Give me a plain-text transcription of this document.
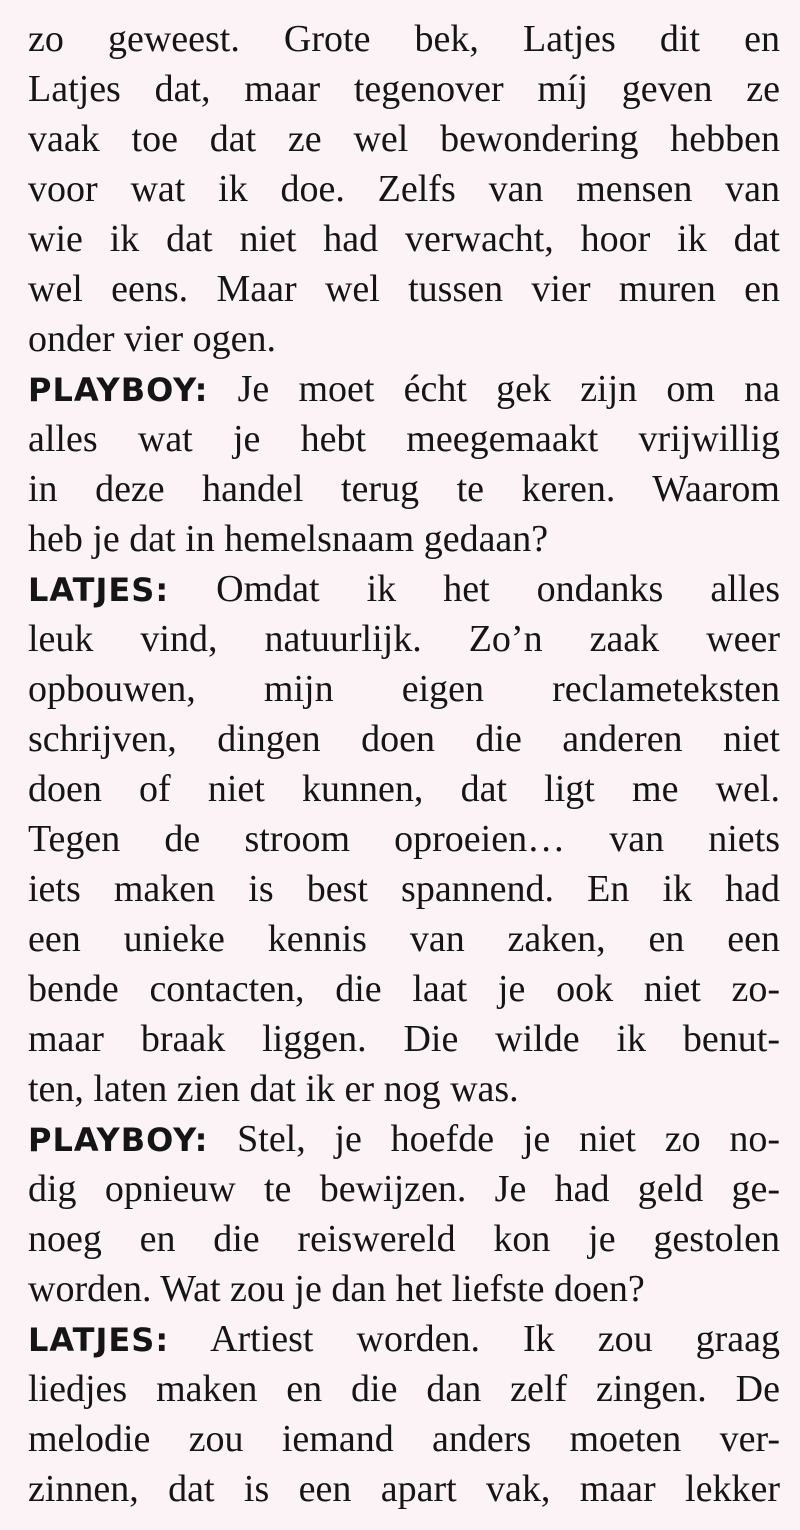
zo geweest. Grote bek, Latjes dit en
Latjes dat, maar tegenover míj geven ze
vaak toe dat ze wel bewondering hebben
voor wat ik doe. Zelfs van mensen van
wie ik dat niet had verwacht, hoor ik dat
wel eens. Maar wel tussen vier muren en
onder vier ogen.
PLAYBOY: Je moet écht gek zijn om na
alles wat je hebt meegemaakt vrijwillig
in deze handel terug te keren. Waarom
heb je dat in hemelsnaam gedaan?
LATJES: Omdat ik het ondanks alles
leuk vind, natuurlijk. Zo’n zaak weer
opbouwen, mijn eigen reclameteksten
schrijven, dingen doen die anderen niet
doen of niet kunnen, dat ligt me wel.
Tegen de stroom oproeien… van niets
iets maken is best spannend. En ik had
een unieke kennis van zaken, en een
bende contacten, die laat je ook niet zo-
maar braak liggen. Die wilde ik benut-
ten, laten zien dat ik er nog was.
PLAYBOY: Stel, je hoefde je niet zo no-
dig opnieuw te bewijzen. Je had geld ge-
noeg en die reiswereld kon je gestolen
worden. Wat zou je dan het liefste doen?
LATJES: Artiest worden. Ik zou graag
liedjes maken en die dan zelf zingen. De
melodie zou iemand anders moeten ver-
zinnen, dat is een apart vak, maar lekker
